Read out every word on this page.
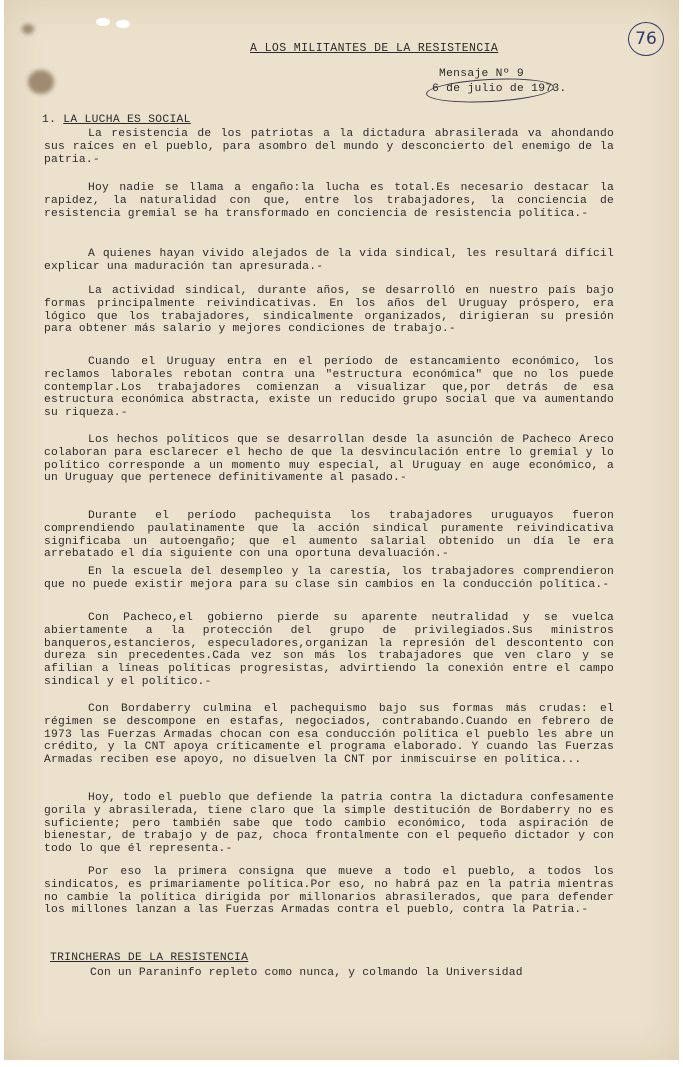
76
A LOS MILITANTES DE LA RESISTENCIA
Mensaje Nº 9
6 de julio de 1973.
1. LA LUCHA ES SOCIAL

La resistencia de los patriotas a la dictadura abrasilerada va ahondando sus raíces en el pueblo, para asombro del mundo y desconcierto del enemigo de la patria.-

Hoy nadie se llama a engaño:la lucha es total.Es necesario destacar la rapidez, la naturalidad con que, entre los trabajadores, la conciencia de resistencia gremial se ha transformado en conciencia de resistencia política.-

A quienes hayan vivido alejados de la vida sindical, les resultará difícil explicar una maduración tan apresurada.-

La actividad sindical, durante años, se desarrolló en nuestro país bajo formas principalmente reivindicativas. En los años del Uruguay próspero, era lógico que los trabajadores, sindicalmente organizados, dirigieran su presión para obtener más salario y mejores condiciones de trabajo.-

Cuando el Uruguay entra en el período de estancamiento económico, los reclamos laborales rebotan contra una "estructura económica" que no los puede contemplar.Los trabajadores comienzan a visualizar que,por detrás de esa estructura económica abstracta, existe un reducido grupo social que va aumentando su riqueza.-

Los hechos políticos que se desarrollan desde la asunción de Pacheco Areco colaboran para esclarecer el hecho de que la desvinculación entre lo gremial y lo político corresponde a un momento muy especial, al Uruguay en auge económico, a un Uruguay que pertenece definitivamente al pasado.-

Durante el período pachequista los trabajadores uruguayos fueron comprendiendo paulatinamente que la acción sindical puramente reivindicativa significaba un autoengaño; que el aumento salarial obtenido un día le era arrebatado el día siguiente con una oportuna devaluación.-

En la escuela del desempleo y la carestía, los trabajadores comprendieron que no puede existir mejora para su clase sin cambios en la conducción política.-

Con Pacheco,el gobierno pierde su aparente neutralidad y se vuelca abiertamente a la protección del grupo de privilegiados.Sus ministros banqueros,estancieros, especuladores,organizan la represión del descontento con dureza sin precedentes.Cada vez son más los trabajadores que ven claro y se afilian a líneas políticas progresistas, advirtiendo la conexión entre el campo sindical y el político.-

Con Bordaberry culmina el pachequismo bajo sus formas más crudas: el régimen se descompone en estafas, negociados, contrabando.Cuando en febrero de 1973 las Fuerzas Armadas chocan con esa conducción política el pueblo les abre un crédito, y la CNT apoya críticamente el programa elaborado. Y cuando las Fuerzas Armadas reciben ese apoyo, no disuelven la CNT por inmiscuirse en política...

Hoy, todo el pueblo que defiende la patria contra la dictadura confesamente gorila y abrasilerada, tiene claro que la simple destitución de Bordaberry no es suficiente; pero también sabe que todo cambio económico, toda aspiración de bienestar, de trabajo y de paz, choca frontalmente con el pequeño dictador y con todo lo que él representa.-

Por eso la primera consigna que mueve a todo el pueblo, a todos los sindicatos, es primariamente política.Por eso, no habrá paz en la patria mientras no cambie la política dirigida por millonarios abrasilerados, que para defender los millones lanzan a las Fuerzas Armadas contra el pueblo, contra la Patria.-

TRINCHERAS DE LA RESISTENCIA
Con un Paraninfo repleto como nunca, y colmando la Universidad
